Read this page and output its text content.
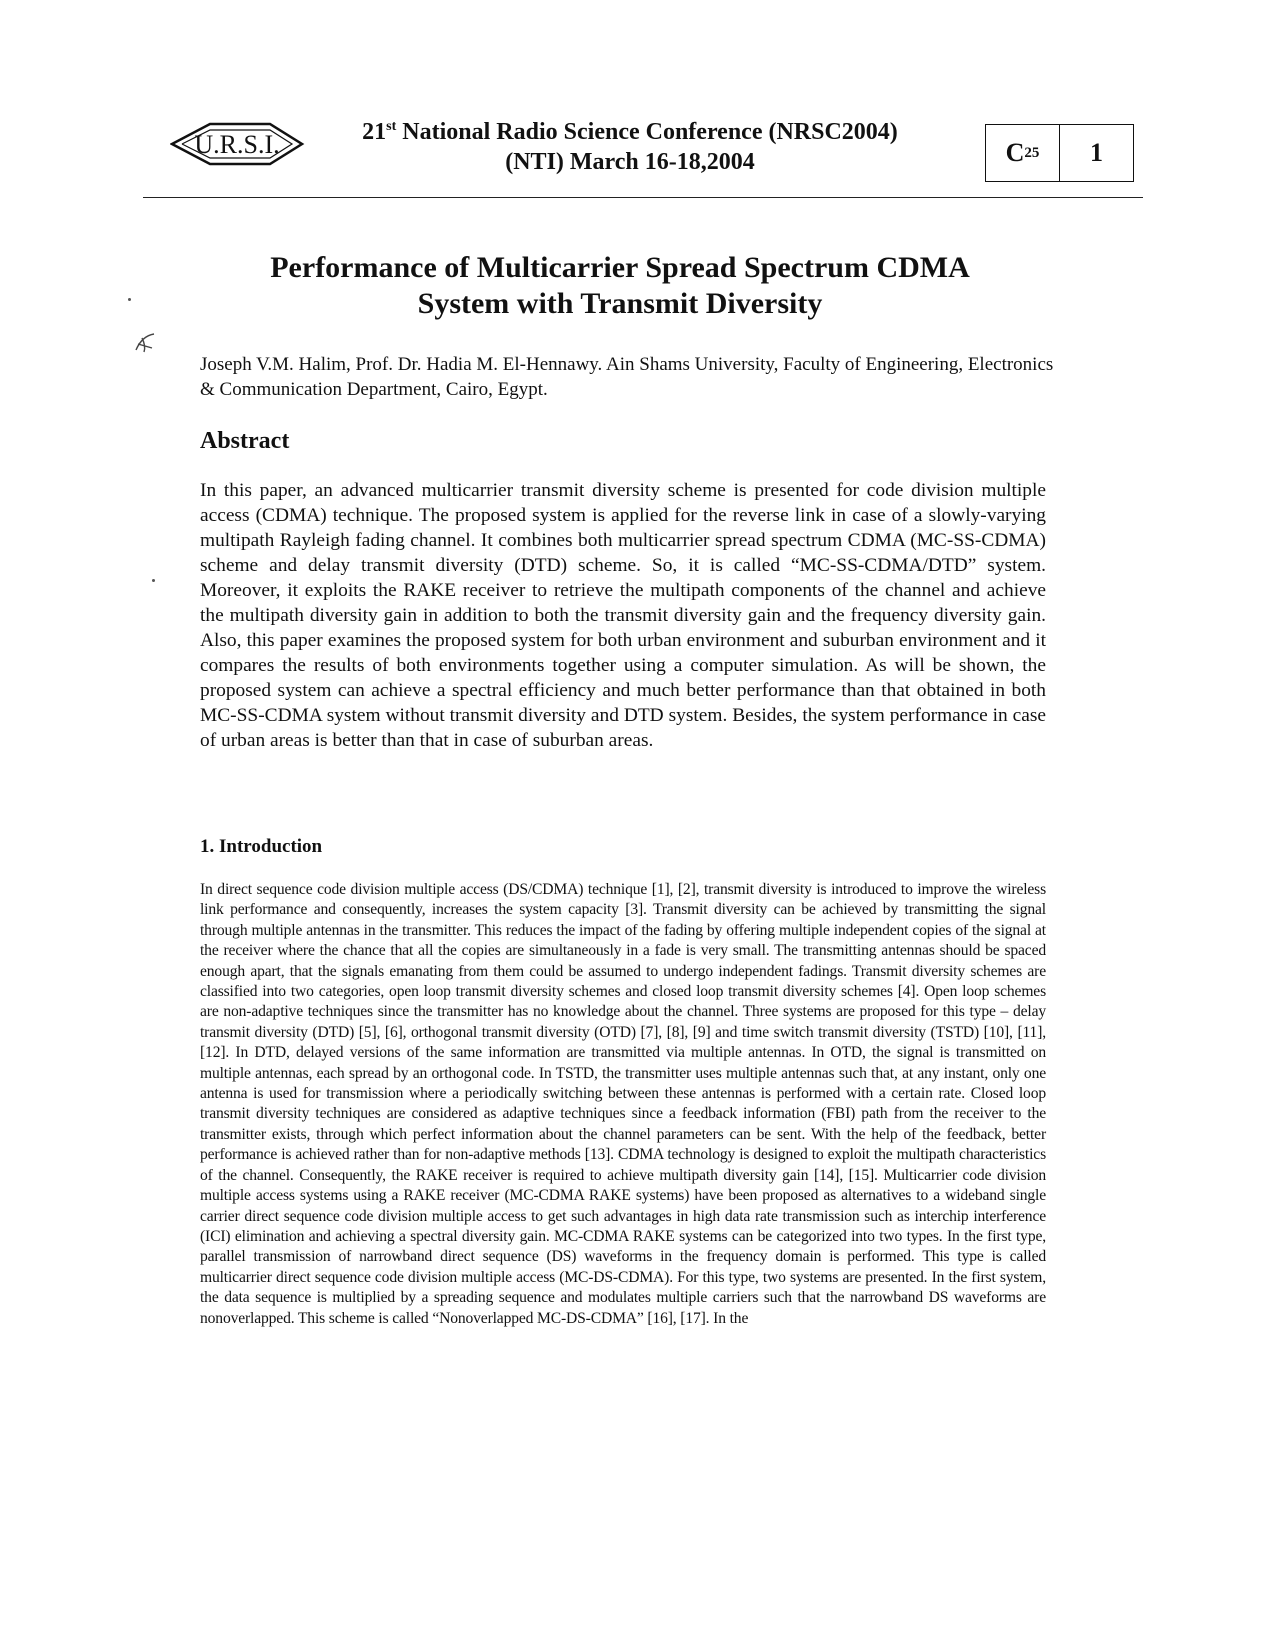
U.R.S.I.	21st National Radio Science Conference (NRSC2004)
(NTI) March 16-18,2004	C 25	1
Performance of Multicarrier Spread Spectrum CDMA
System with Transmit Diversity
Joseph V.M. Halim, Prof. Dr. Hadia M. El-Hennawy. Ain Shams University, Faculty of Engineering, Electronics & Communication Department, Cairo, Egypt.
Abstract
In this paper, an advanced multicarrier transmit diversity scheme is presented for code division multiple access (CDMA) technique. The proposed system is applied for the reverse link in case of a slowly-varying multipath Rayleigh fading channel. It combines both multicarrier spread spectrum CDMA (MC-SS-CDMA) scheme and delay transmit diversity (DTD) scheme. So, it is called “MC-SS-CDMA/DTD” system. Moreover, it exploits the RAKE receiver to retrieve the multipath components of the channel and achieve the multipath diversity gain in addition to both the transmit diversity gain and the frequency diversity gain. Also, this paper examines the proposed system for both urban environment and suburban environment and it compares the results of both environments together using a computer simulation. As will be shown, the proposed system can achieve a spectral efficiency and much better performance than that obtained in both MC-SS-CDMA system without transmit diversity and DTD system. Besides, the system performance in case of urban areas is better than that in case of suburban areas.
1. Introduction
In direct sequence code division multiple access (DS/CDMA) technique [1], [2], transmit diversity is introduced to improve the wireless link performance and consequently, increases the system capacity [3]. Transmit diversity can be achieved by transmitting the signal through multiple antennas in the transmitter. This reduces the impact of the fading by offering multiple independent copies of the signal at the receiver where the chance that all the copies are simultaneously in a fade is very small. The transmitting antennas should be spaced enough apart, that the signals emanating from them could be assumed to undergo independent fadings. Transmit diversity schemes are classified into two categories, open loop transmit diversity schemes and closed loop transmit diversity schemes [4]. Open loop schemes are non-adaptive techniques since the transmitter has no knowledge about the channel. Three systems are proposed for this type – delay transmit diversity (DTD) [5], [6], orthogonal transmit diversity (OTD) [7], [8], [9] and time switch transmit diversity (TSTD) [10], [11], [12]. In DTD, delayed versions of the same information are transmitted via multiple antennas. In OTD, the signal is transmitted on multiple antennas, each spread by an orthogonal code. In TSTD, the transmitter uses multiple antennas such that, at any instant, only one antenna is used for transmission where a periodically switching between these antennas is performed with a certain rate. Closed loop transmit diversity techniques are considered as adaptive techniques since a feedback information (FBI) path from the receiver to the transmitter exists, through which perfect information about the channel parameters can be sent. With the help of the feedback, better performance is achieved rather than for non-adaptive methods [13]. CDMA technology is designed to exploit the multipath characteristics of the channel. Consequently, the RAKE receiver is required to achieve multipath diversity gain [14], [15]. Multicarrier code division multiple access systems using a RAKE receiver (MC-CDMA RAKE systems) have been proposed as alternatives to a wideband single carrier direct sequence code division multiple access to get such advantages in high data rate transmission such as interchip interference (ICI) elimination and achieving a spectral diversity gain. MC-CDMA RAKE systems can be categorized into two types. In the first type, parallel transmission of narrowband direct sequence (DS) waveforms in the frequency domain is performed. This type is called multicarrier direct sequence code division multiple access (MC-DS-CDMA). For this type, two systems are presented. In the first system, the data sequence is multiplied by a spreading sequence and modulates multiple carriers such that the narrowband DS waveforms are nonoverlapped. This scheme is called “Nonoverlapped MC-DS-CDMA” [16], [17]. In the
